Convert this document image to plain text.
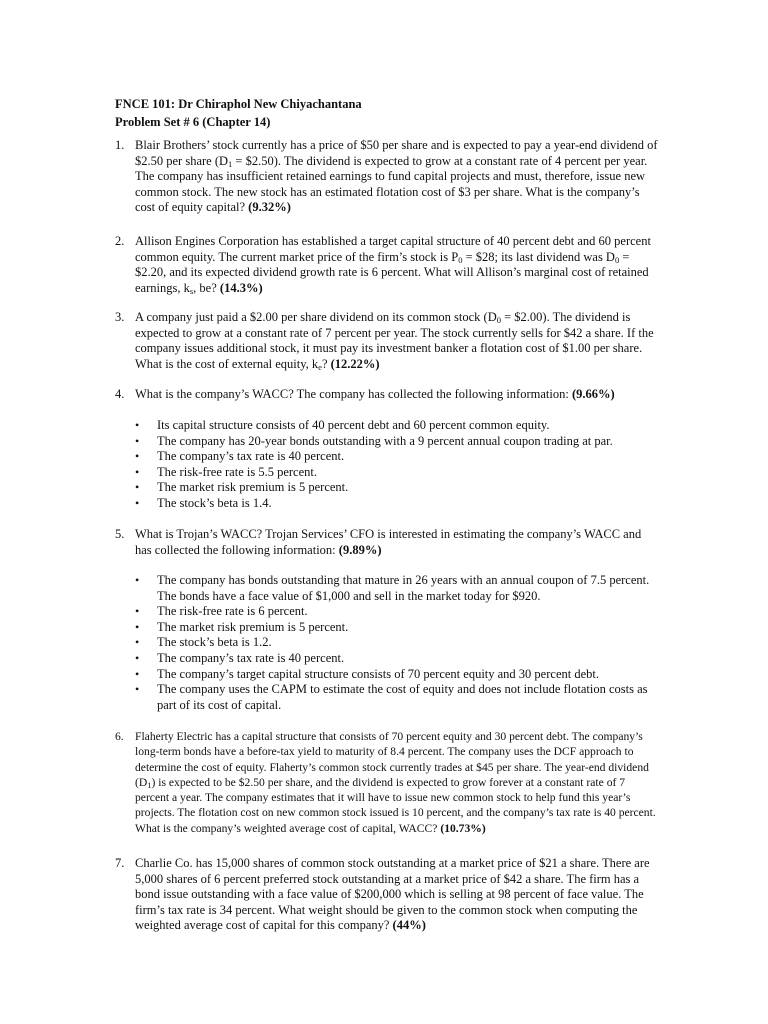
FNCE 101: Dr Chiraphol New Chiyachantana
Problem Set # 6 (Chapter 14)
1. Blair Brothers’ stock currently has a price of $50 per share and is expected to pay a year-end dividend of $2.50 per share ($D_1$ = $2.50). The dividend is expected to grow at a constant rate of 4 percent per year. The company has insufficient retained earnings to fund capital projects and must, therefore, issue new common stock. The new stock has an estimated flotation cost of $3 per share. What is the company’s cost of equity capital? (9.32%)
2. Allison Engines Corporation has established a target capital structure of 40 percent debt and 60 percent common equity. The current market price of the firm’s stock is $P_0$ = $28; its last dividend was $D_0$ = $2.20, and its expected dividend growth rate is 6 percent. What will Allison’s marginal cost of retained earnings, $k_s$, be? (14.3%)
3. A company just paid a $2.00 per share dividend on its common stock ($D_0$ = $2.00). The dividend is expected to grow at a constant rate of 7 percent per year. The stock currently sells for $42 a share. If the company issues additional stock, it must pay its investment banker a flotation cost of $1.00 per share. What is the cost of external equity, $k_e$? (12.22%)
4. What is the company’s WACC? The company has collected the following information: (9.66%)
• Its capital structure consists of 40 percent debt and 60 percent common equity.
• The company has 20-year bonds outstanding with a 9 percent annual coupon trading at par.
• The company’s tax rate is 40 percent.
• The risk-free rate is 5.5 percent.
• The market risk premium is 5 percent.
• The stock’s beta is 1.4.
5. What is Trojan’s WACC? Trojan Services’ CFO is interested in estimating the company’s WACC and has collected the following information: (9.89%)
• The company has bonds outstanding that mature in 26 years with an annual coupon of 7.5 percent. The bonds have a face value of $1,000 and sell in the market today for $920.
• The risk-free rate is 6 percent.
• The market risk premium is 5 percent.
• The stock’s beta is 1.2.
• The company’s tax rate is 40 percent.
• The company’s target capital structure consists of 70 percent equity and 30 percent debt.
• The company uses the CAPM to estimate the cost of equity and does not include flotation costs as part of its cost of capital.
6. Flaherty Electric has a capital structure that consists of 70 percent equity and 30 percent debt. The company’s long-term bonds have a before-tax yield to maturity of 8.4 percent. The company uses the DCF approach to determine the cost of equity. Flaherty’s common stock currently trades at $45 per share. The year-end dividend $(D_1)$ is expected to be $2.50 per share, and the dividend is expected to grow forever at a constant rate of 7 percent a year. The company estimates that it will have to issue new common stock to help fund this year’s projects. The flotation cost on new common stock issued is 10 percent, and the company’s tax rate is 40 percent. What is the company’s weighted average cost of capital, WACC? (10.73%)
7. Charlie Co. has 15,000 shares of common stock outstanding at a market price of $21 a share. There are 5,000 shares of 6 percent preferred stock outstanding at a market price of $42 a share. The firm has a bond issue outstanding with a face value of $200,000 which is selling at 98 percent of face value. The firm’s tax rate is 34 percent. What weight should be given to the common stock when computing the weighted average cost of capital for this company? (44%)
